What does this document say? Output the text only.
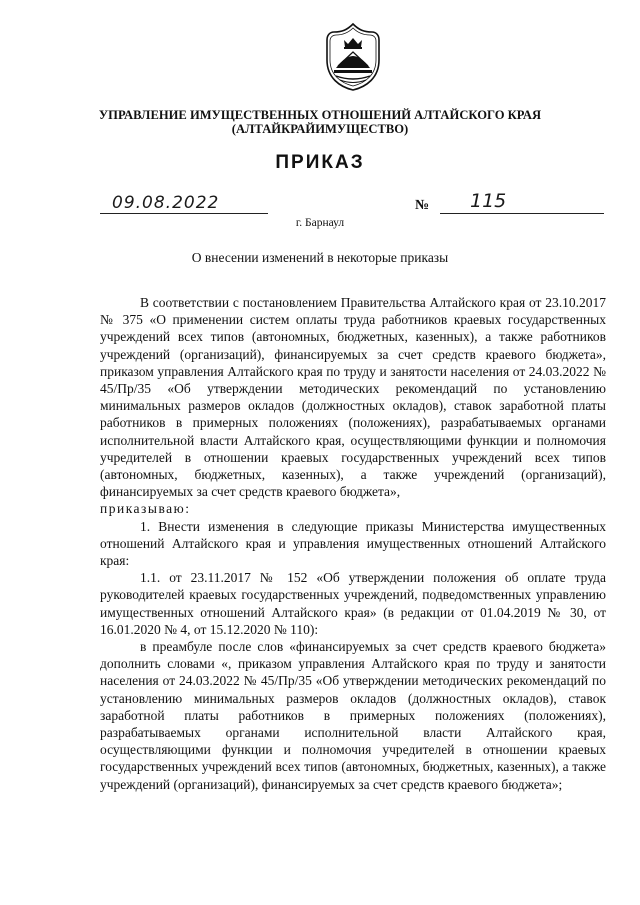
УПРАВЛЕНИЕ ИМУЩЕСТВЕННЫХ ОТНОШЕНИЙ АЛТАЙСКОГО КРАЯ
(АЛТАЙКРАЙИМУЩЕСТВО)
ПРИКАЗ
09.08.2022	№ 115
г. Барнаул
О внесении изменений в некоторые приказы

В соответствии с постановлением Правительства Алтайского края от 23.10.2017 № 375 «О применении систем оплаты труда работников краевых государственных учреждений всех типов (автономных, бюджетных, казенных), а также работников учреждений (организаций), финансируемых за счет средств краевого бюджета», приказом управления Алтайского края по труду и занятости населения от 24.03.2022 № 45/Пр/35 «Об утверждении методических рекомендаций по установлению минимальных размеров окладов (должностных окладов), ставок заработной платы работников в примерных положениях (положениях), разрабатываемых органами исполнительной власти Алтайского края, осуществляющими функции и полномочия учредителей в отношении краевых государственных учреждений всех типов (автономных, бюджетных, казенных), а также учреждений (организаций), финансируемых за счет средств краевого бюджета»,

приказываю:

1. Внести изменения в следующие приказы Министерства имущественных отношений Алтайского края и управления имущественных отношений Алтайского края:

1.1. от 23.11.2017 № 152 «Об утверждении положения об оплате труда руководителей краевых государственных учреждений, подведомственных управлению имущественных отношений Алтайского края» (в редакции от 01.04.2019 № 30, от 16.01.2020 № 4, от 15.12.2020 № 110):

в преамбуле после слов «финансируемых за счет средств краевого бюджета» дополнить словами «, приказом управления Алтайского края по труду и занятости населения от 24.03.2022 № 45/Пр/35 «Об утверждении методических рекомендаций по установлению минимальных размеров окладов (должностных окладов), ставок заработной платы работников в примерных положениях (положениях), разрабатываемых органами исполнительной власти Алтайского края, осуществляющими функции и полномочия учредителей в отношении краевых государственных учреждений всех типов (автономных, бюджетных, казенных), а также учреждений (организаций), финансируемых за счет средств краевого бюджета»;
